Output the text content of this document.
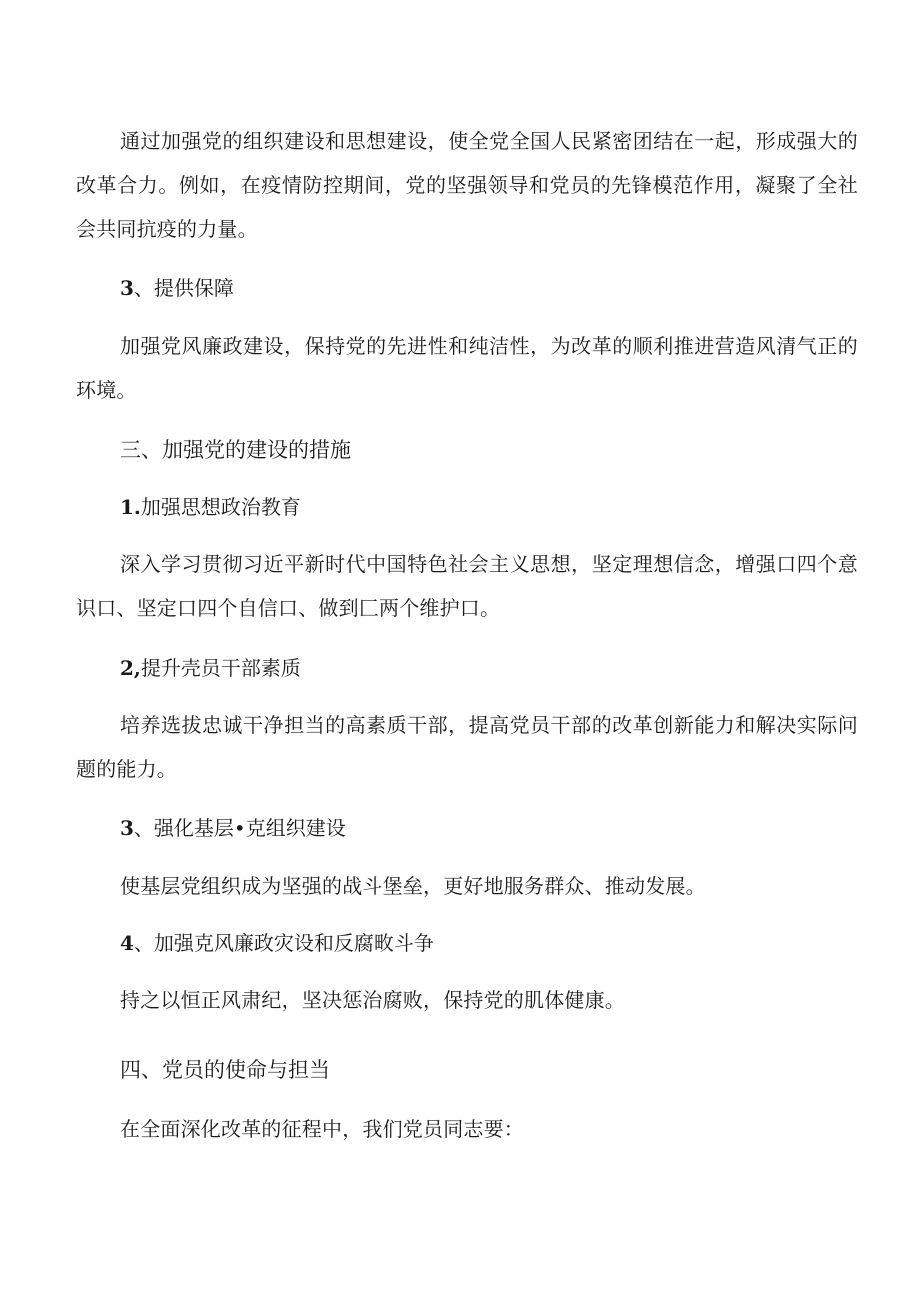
通过加强党的组织建设和思想建设，使全党全国人民紧密团结在一起，形成强大的改革合力。例如，在疫情防控期间，党的坚强领导和党员的先锋模范作用，凝聚了全社会共同抗疫的力量。

3、提供保障

加强党风廉政建设，保持党的先进性和纯洁性，为改革的顺利推进营造风清气正的环境。

三、加强党的建设的措施
1.加强思想政治教育

深入学习贯彻习近平新时代中国特色社会主义思想，坚定理想信念，增强口四个意识口、坚定口四个自信口、做到匚两个维护口。

2,提升壳员干部素质

培养选拔忠诚干净担当的高素质干部，提高党员干部的改革创新能力和解决实际问题的能力。

3、强化基层•克组织建设

使基层党组织成为坚强的战斗堡垒，更好地服务群众、推动发展。

4、加强克风廉政灾设和反腐畋斗争

持之以恒正风肃纪，坚决惩治腐败，保持党的肌体健康。

四、党员的使命与担当

在全面深化改革的征程中，我们党员同志要：
